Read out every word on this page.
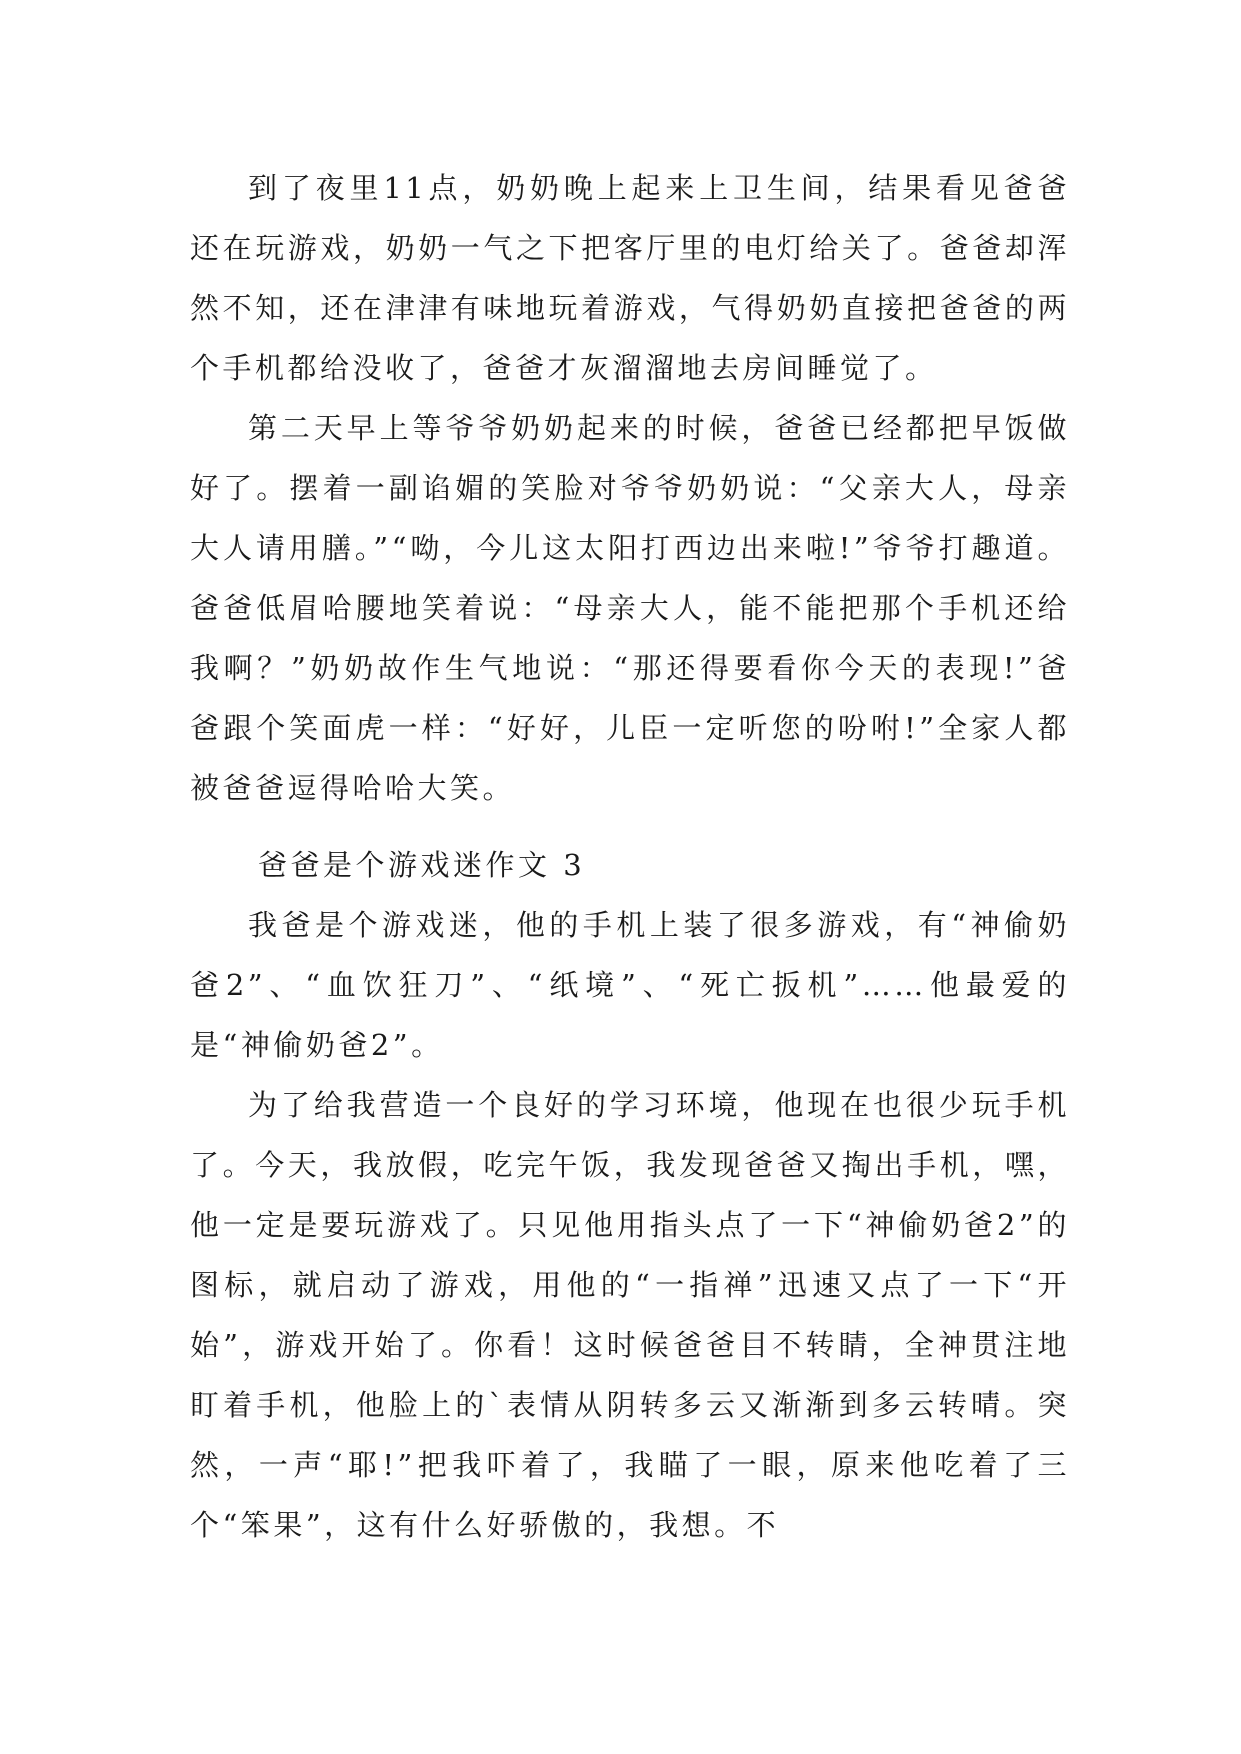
到了夜里11点，奶奶晚上起来上卫生间，结果看见爸爸还在玩游戏，奶奶一气之下把客厅里的电灯给关了。爸爸却浑然不知，还在津津有味地玩着游戏，气得奶奶直接把爸爸的两个手机都给没收了，爸爸才灰溜溜地去房间睡觉了。

第二天早上等爷爷奶奶起来的时候，爸爸已经都把早饭做好了。摆着一副谄媚的笑脸对爷爷奶奶说：“父亲大人，母亲大人请用膳。”“呦，今儿这太阳打西边出来啦!”爷爷打趣道。爸爸低眉哈腰地笑着说：“母亲大人，能不能把那个手机还给我啊？”奶奶故作生气地说：“那还得要看你今天的表现!”爸爸跟个笑面虎一样：“好好，儿臣一定听您的吩咐!”全家人都被爸爸逗得哈哈大笑。

爸爸是个游戏迷作文 3

我爸是个游戏迷，他的手机上装了很多游戏，有“神偷奶爸2”、“血饮狂刀”、“纸境”、“死亡扳机”……他最爱的是“神偷奶爸2”。

为了给我营造一个良好的学习环境，他现在也很少玩手机了。今天，我放假，吃完午饭，我发现爸爸又掏出手机，嘿，他一定是要玩游戏了。只见他用指头点了一下“神偷奶爸2”的图标，就启动了游戏，用他的“一指禅”迅速又点了一下“开始”，游戏开始了。你看！这时候爸爸目不转睛，全神贯注地盯着手机，他脸上的`表情从阴转多云又渐渐到多云转晴。突然，一声“耶!”把我吓着了，我瞄了一眼，原来他吃着了三个“笨果”，这有什么好骄傲的，我想。不
